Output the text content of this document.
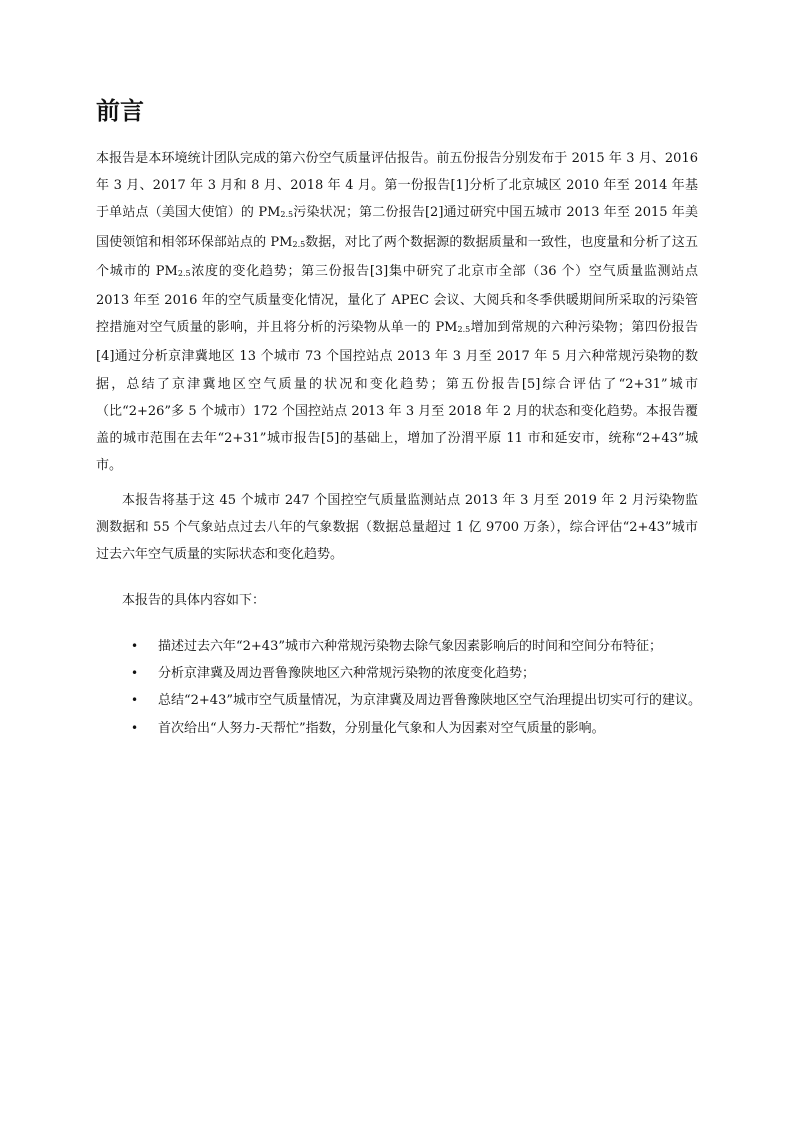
前言

本报告是本环境统计团队完成的第六份空气质量评估报告。前五份报告分别发布于 2015 年 3 月、2016 年 3 月、2017 年 3 月和 8 月、2018 年 4 月。第一份报告[1]分析了北京城区 2010 年至 2014 年基于单站点（美国大使馆）的 PM2.5污染状况；第二份报告[2]通过研究中国五城市 2013 年至 2015 年美国使领馆和相邻环保部站点的 PM2.5数据，对比了两个数据源的数据质量和一致性，也度量和分析了这五个城市的 PM2.5浓度的变化趋势；第三份报告[3]集中研究了北京市全部（36 个）空气质量监测站点 2013 年至 2016 年的空气质量变化情况，量化了 APEC 会议、大阅兵和冬季供暖期间所采取的污染管控措施对空气质量的影响，并且将分析的污染物从单一的 PM2.5增加到常规的六种污染物；第四份报告[4]通过分析京津冀地区 13 个城市 73 个国控站点 2013 年 3 月至 2017 年 5 月六种常规污染物的数据，总结了京津冀地区空气质量的状况和变化趋势；第五份报告[5]综合评估了“2+31”城市（比“2+26”多 5 个城市）172 个国控站点 2013 年 3 月至 2018 年 2 月的状态和变化趋势。本报告覆盖的城市范围在去年“2+31”城市报告[5]的基础上，增加了汾渭平原 11 市和延安市，统称“2+43”城市。

本报告将基于这 45 个城市 247 个国控空气质量监测站点 2013 年 3 月至 2019 年 2 月污染物监测数据和 55 个气象站点过去八年的气象数据（数据总量超过 1 亿 9700 万条），综合评估“2+43”城市过去六年空气质量的实际状态和变化趋势。

本报告的具体内容如下：

• 描述过去六年“2+43”城市六种常规污染物去除气象因素影响后的时间和空间分布特征；
• 分析京津冀及周边晋鲁豫陕地区六种常规污染物的浓度变化趋势；
• 总结“2+43”城市空气质量情况，为京津冀及周边晋鲁豫陕地区空气治理提出切实可行的建议。
• 首次给出“人努力-天帮忙”指数，分别量化气象和人为因素对空气质量的影响。
